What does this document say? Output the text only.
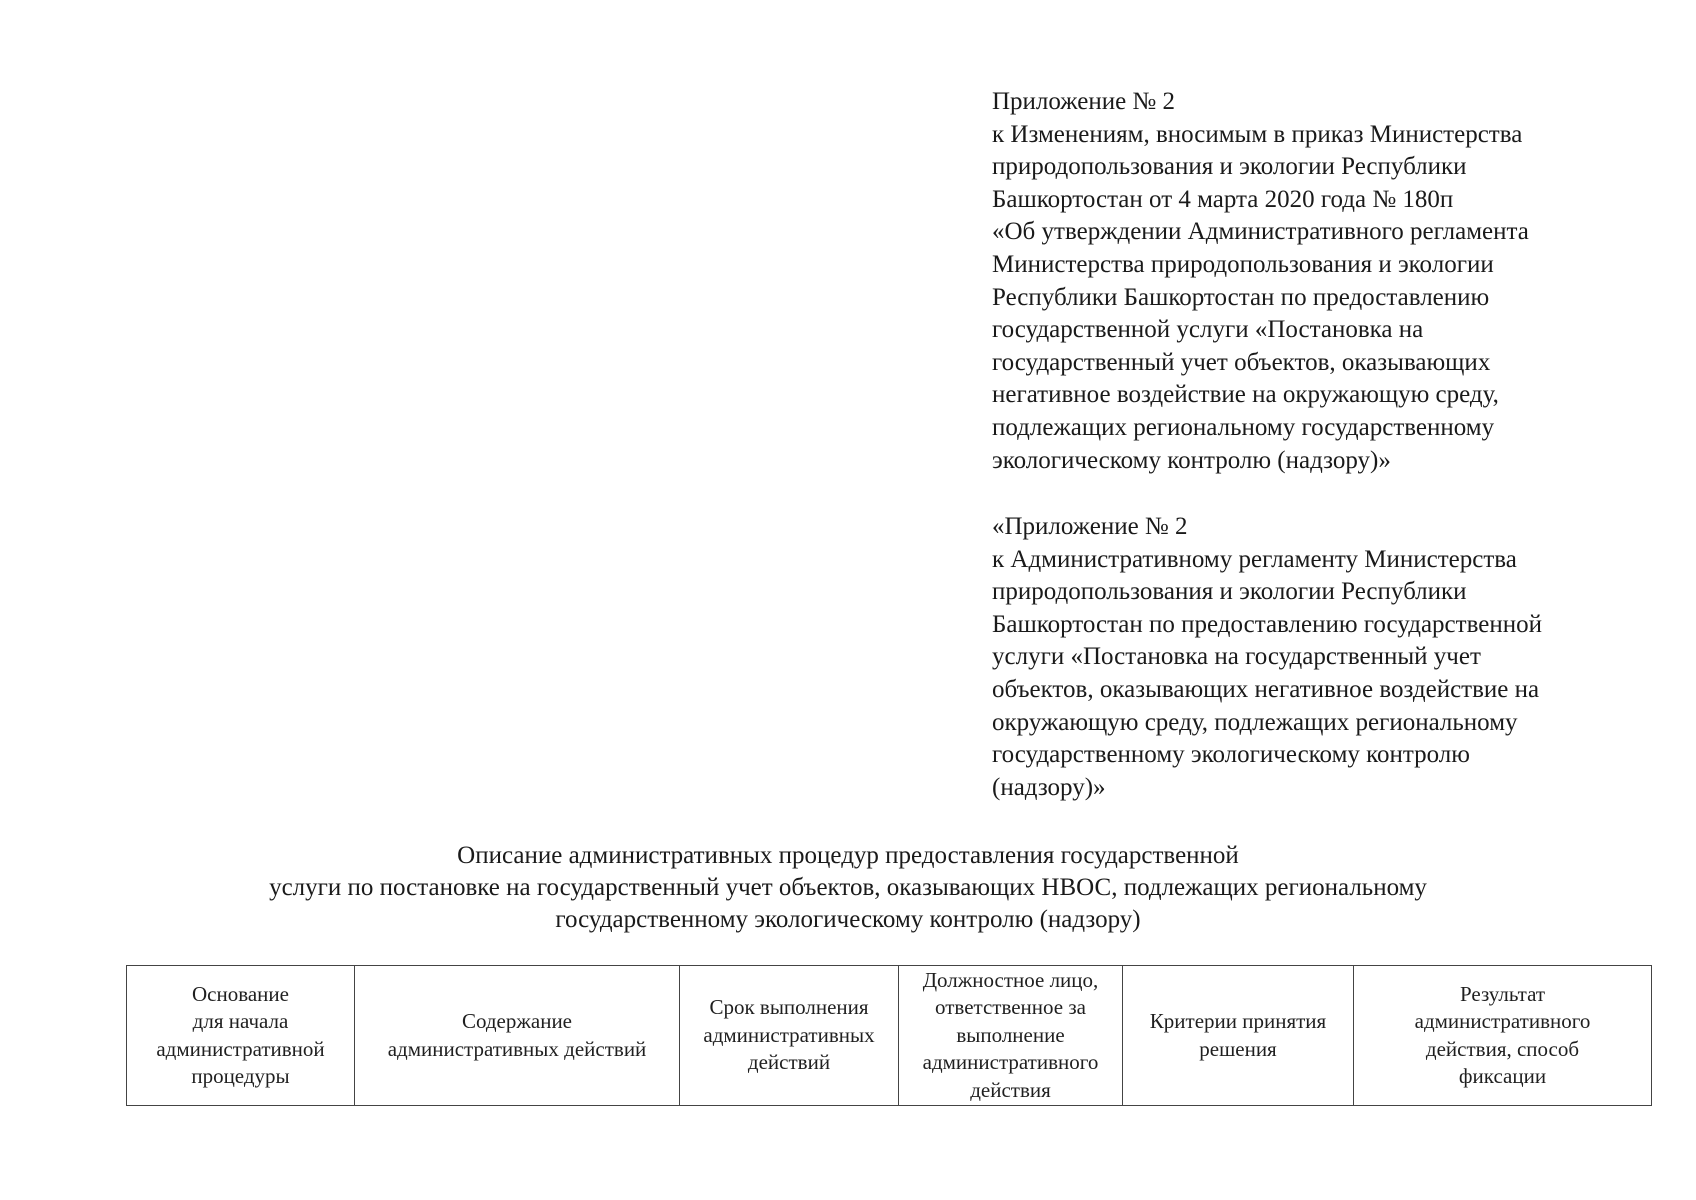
Приложение № 2
к Изменениям, вносимым в приказ Министерства
природопользования и экологии Республики
Башкортостан от 4 марта 2020 года № 180п
«Об утверждении Административного регламента
Министерства природопользования и экологии
Республики Башкортостан по предоставлению
государственной услуги «Постановка на
государственный учет объектов, оказывающих
негативное воздействие на окружающую среду,
подлежащих региональному государственному
экологическому контролю (надзору)»
«Приложение № 2
к Административному регламенту Министерства
природопользования и экологии Республики
Башкортостан по предоставлению государственной
услуги «Постановка на государственный учет
объектов, оказывающих негативное воздействие на
окружающую среду, подлежащих региональному
государственному экологическому контролю
(надзору)»
Описание административных процедур предоставления государственной
услуги по постановке на государственный учет объектов, оказывающих НВОС, подлежащих региональному
государственному экологическому контролю (надзору)
Основание
для начала
административной
процедуры	Содержание
административных действий	Срок выполнения
административных
действий	Должностное лицо,
ответственное за
выполнение
административного
действия	Критерии принятия
решения	Результат
административного
действия, способ
фиксации
